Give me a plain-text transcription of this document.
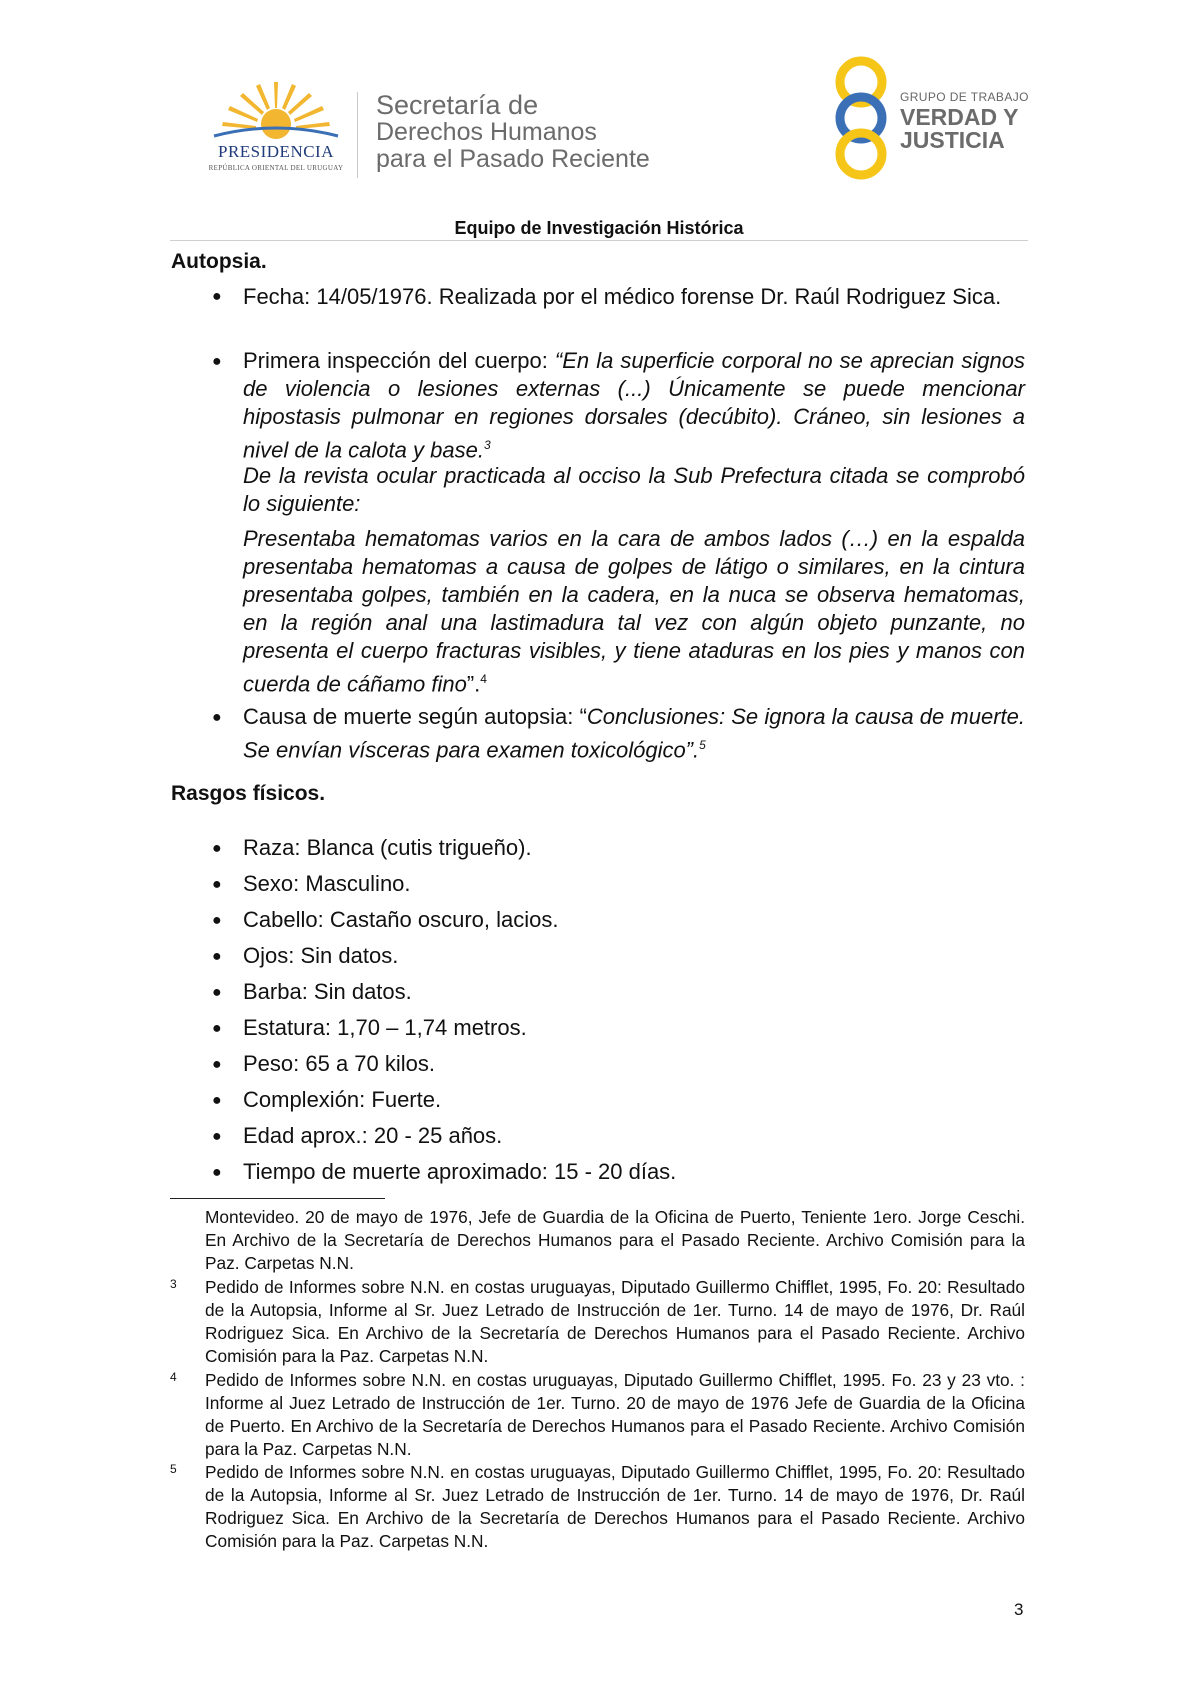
PRESIDENCIA
REPÚBLICA ORIENTAL DEL URUGUAY
Secretaría de
Derechos Humanos
para el Pasado Reciente
GRUPO DE TRABAJO
VERDAD Y
JUSTICIA
Equipo de Investigación Histórica
Autopsia.
● Fecha: 14/05/1976. Realizada por el médico forense Dr. Raúl Rodriguez Sica.
● Primera inspección del cuerpo: “En la superficie corporal no se aprecian signos de violencia o lesiones externas (...) Únicamente se puede mencionar hipostasis pulmonar en regiones dorsales (decúbito). Cráneo, sin lesiones a nivel de la calota y base.$^3$
De la revista ocular practicada al occiso la Sub Prefectura citada se comprobó lo siguiente:
Presentaba hematomas varios en la cara de ambos lados (…) en la espalda presentaba hematomas a causa de golpes de látigo o similares, en la cintura presentaba golpes, también en la cadera, en la nuca se observa hematomas, en la región anal una lastimadura tal vez con algún objeto punzante, no presenta el cuerpo fracturas visibles, y tiene ataduras en los pies y manos con cuerda de cáñamo fino”.$^4$
● Causa de muerte según autopsia: “Conclusiones: Se ignora la causa de muerte. Se envían vísceras para examen toxicológico”.$^5$
Rasgos físicos.
● Raza: Blanca (cutis trigueño).
● Sexo: Masculino.
● Cabello: Castaño oscuro, lacios.
● Ojos: Sin datos.
● Barba: Sin datos.
● Estatura: 1,70 – 1,74 metros.
● Peso: 65 a 70 kilos.
● Complexión: Fuerte.
● Edad aprox.: 20 - 25 años.
● Tiempo de muerte aproximado: 15 - 20 días.
Montevideo. 20 de mayo de 1976, Jefe de Guardia de la Oficina de Puerto, Teniente 1ero. Jorge Ceschi. En Archivo de la Secretaría de Derechos Humanos para el Pasado Reciente. Archivo Comisión para la Paz. Carpetas N.N.
3 Pedido de Informes sobre N.N. en costas uruguayas, Diputado Guillermo Chifflet, 1995, Fo. 20: Resultado de la Autopsia, Informe al Sr. Juez Letrado de Instrucción de 1er. Turno. 14 de mayo de 1976, Dr. Raúl Rodriguez Sica. En Archivo de la Secretaría de Derechos Humanos para el Pasado Reciente. Archivo Comisión para la Paz. Carpetas N.N.
4 Pedido de Informes sobre N.N. en costas uruguayas, Diputado Guillermo Chifflet, 1995. Fo. 23 y 23 vto. : Informe al Juez Letrado de Instrucción de 1er. Turno. 20 de mayo de 1976 Jefe de Guardia de la Oficina de Puerto. En Archivo de la Secretaría de Derechos Humanos para el Pasado Reciente. Archivo Comisión para la Paz. Carpetas N.N.
5 Pedido de Informes sobre N.N. en costas uruguayas, Diputado Guillermo Chifflet, 1995, Fo. 20: Resultado de la Autopsia, Informe al Sr. Juez Letrado de Instrucción de 1er. Turno. 14 de mayo de 1976, Dr. Raúl Rodriguez Sica. En Archivo de la Secretaría de Derechos Humanos para el Pasado Reciente. Archivo Comisión para la Paz. Carpetas N.N.
3
